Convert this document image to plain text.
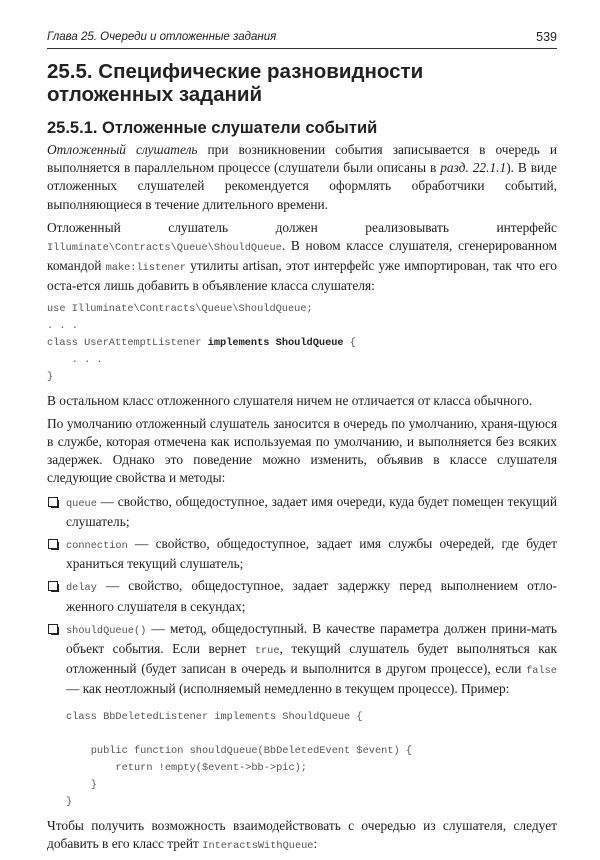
Глава 25. Очереди и отложенные задания	539
25.5. Специфические разновидности отложенных заданий
25.5.1. Отложенные слушатели событий

Отложенный слушатель при возникновении события записывается в очередь и выполняется в параллельном процессе (слушатели были описаны в разд. 22.1.1). В виде отложенных слушателей рекомендуется оформлять обработчики событий, выполняющиеся в течение длительного времени.

Отложенный слушатель должен реализовывать интерфейс Illuminate\Contracts\Queue\ShouldQueue. В новом классе слушателя, сгенерированном командой make:listener утилиты artisan, этот интерфейс уже импортирован, так что его оста-ется лишь добавить в объявление класса слушателя:

use Illuminate\Contracts\Queue\ShouldQueue;
. . .
class UserAttemptListener implements ShouldQueue {
. . .
}

В остальном класс отложенного слушателя ничем не отличается от класса обычного.

По умолчанию отложенный слушатель заносится в очередь по умолчанию, храня-щуюся в службе, которая отмечена как используемая по умолчанию, и выполняется без всяких задержек. Однако это поведение можно изменить, объявив в классе слушателя следующие свойства и методы:

queue — свойство, общедоступное, задает имя очереди, куда будет помещен текущий слушатель;
connection — свойство, общедоступное, задает имя службы очередей, где будет храниться текущий слушатель;
delay — свойство, общедоступное, задает задержку перед выполнением отло-женного слушателя в секундах;
shouldQueue() — метод, общедоступный. В качестве параметра должен прини-мать объект события. Если вернет true, текущий слушатель будет выполняться как отложенный (будет записан в очередь и выполнится в другом процессе), если false — как неотложный (исполняемый немедленно в текущем процессе). Пример:
class BbDeletedListener implements ShouldQueue {

public function shouldQueue(BbDeletedEvent $event) {
return !empty($event->bb->pic);
}
}

Чтобы получить возможность взаимодействовать с очередью из слушателя, следует добавить в его класс трейт InteractsWithQueue:
